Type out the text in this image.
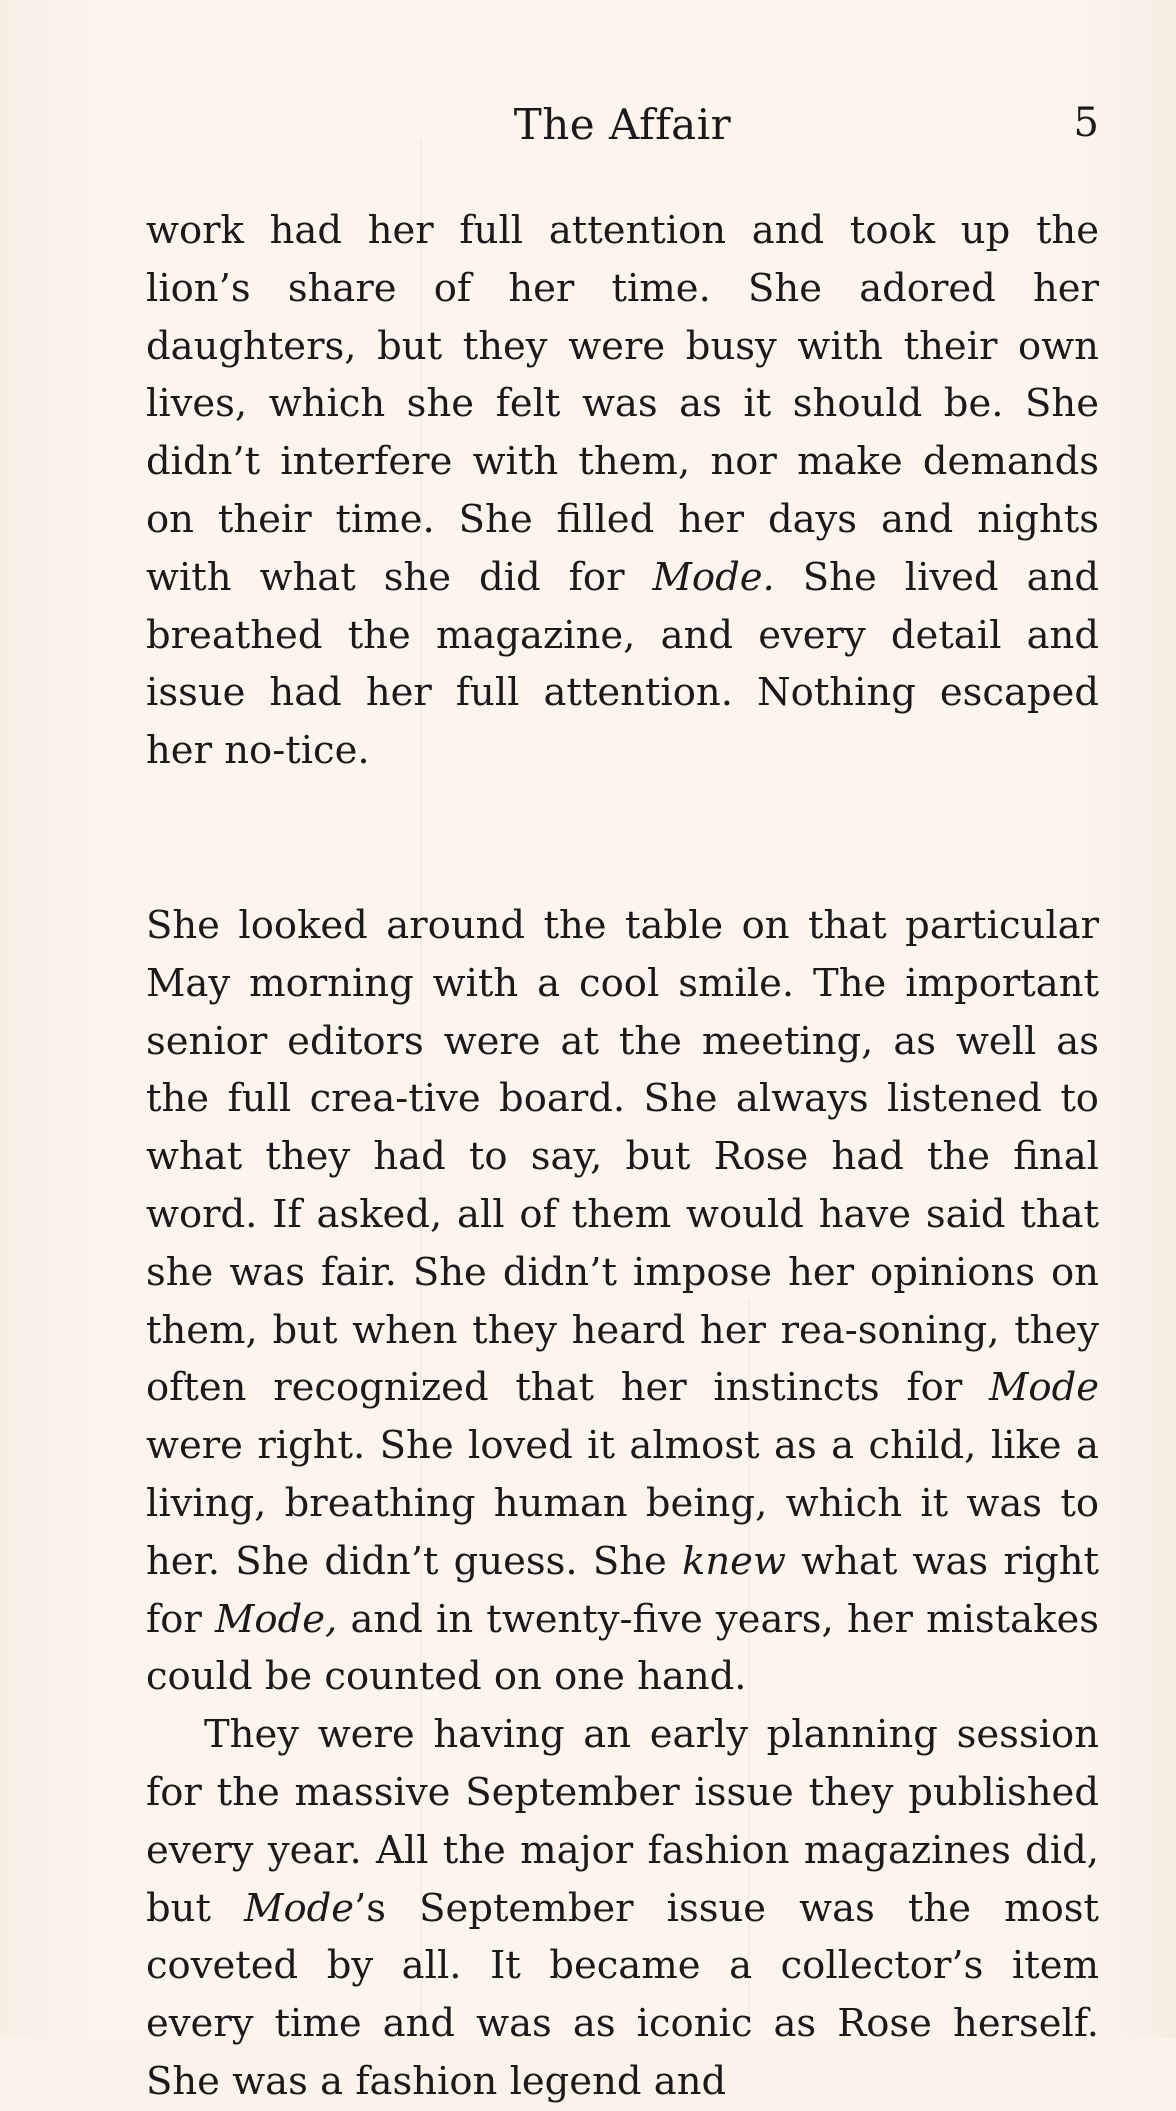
The Affair	5

work had her full attention and took up the lion’s share of her time. She adored her daughters, but they were busy with their own lives, which she felt was as it should be. She didn’t interfere with them, nor make demands on their time. She filled her days and nights with what she did for Mode. She lived and breathed the magazine, and every detail and issue had her full attention. Nothing escaped her no-tice.

She looked around the table on that particular May morning with a cool smile. The important senior editors were at the meeting, as well as the full crea-tive board. She always listened to what they had to say, but Rose had the final word. If asked, all of them would have said that she was fair. She didn’t impose her opinions on them, but when they heard her rea-soning, they often recognized that her instincts for Mode were right. She loved it almost as a child, like a living, breathing human being, which it was to her. She didn’t guess. She knew what was right for Mode, and in twenty-five years, her mistakes could be counted on one hand.

They were having an early planning session for the massive September issue they published every year. All the major fashion magazines did, but Mode’s September issue was the most coveted by all. It became a collector’s item every time and was as iconic as Rose herself. She was a fashion legend and
